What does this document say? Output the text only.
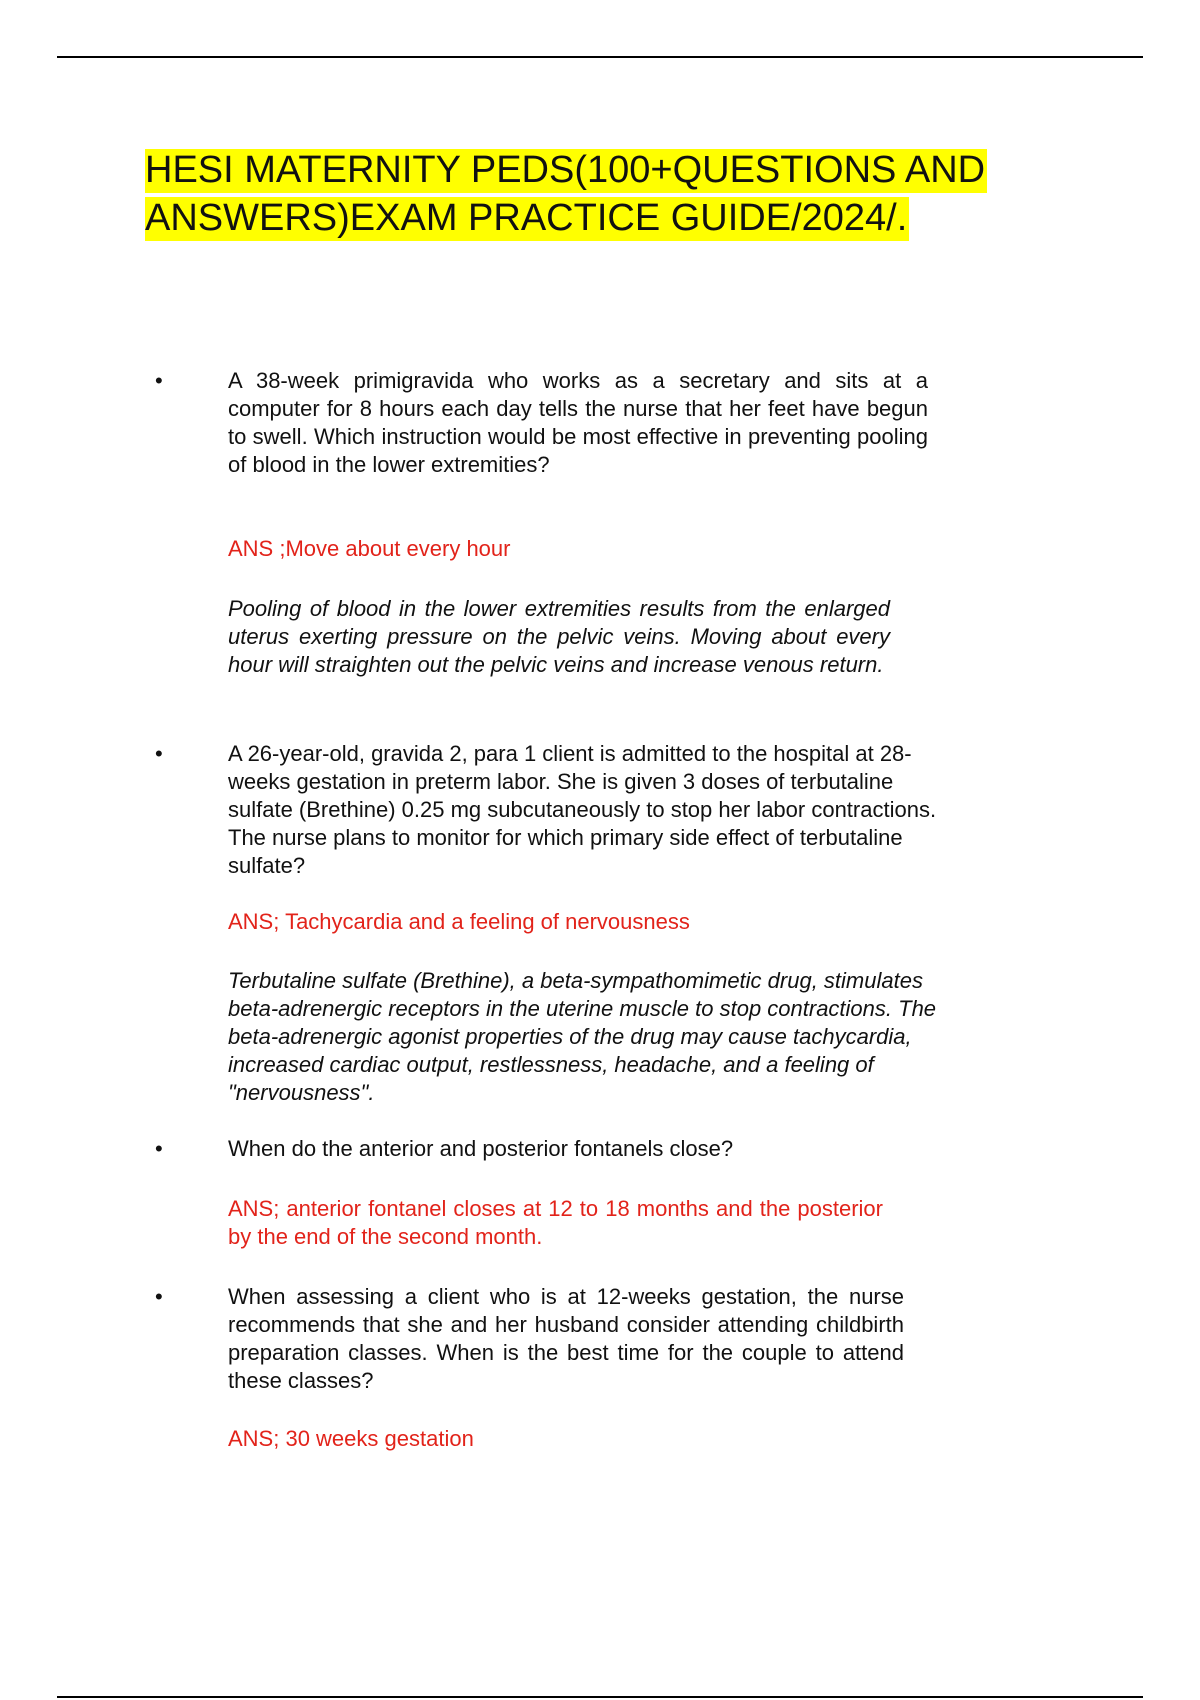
HESI MATERNITY PEDS(100+QUESTIONS AND ANSWERS)EXAM PRACTICE GUIDE/2024/.
•	A 38-week primigravida who works as a secretary and sits at a computer for 8 hours each day tells the nurse that her feet have begun to swell. Which instruction would be most effective in preventing pooling of blood in the lower extremities?
ANS ;Move about every hour
Pooling of blood in the lower extremities results from the enlarged uterus exerting pressure on the pelvic veins. Moving about every hour will straighten out the pelvic veins and increase venous return.
•	A 26-year-old, gravida 2, para 1 client is admitted to the hospital at 28-weeks gestation in preterm labor. She is given 3 doses of terbutaline sulfate (Brethine) 0.25 mg subcutaneously to stop her labor contractions. The nurse plans to monitor for which primary side effect of terbutaline sulfate?
ANS; Tachycardia and a feeling of nervousness
Terbutaline sulfate (Brethine), a beta-sympathomimetic drug, stimulates beta-adrenergic receptors in the uterine muscle to stop contractions. The beta-adrenergic agonist properties of the drug may cause tachycardia, increased cardiac output, restlessness, headache, and a feeling of "nervousness".
•	When do the anterior and posterior fontanels close?
ANS; anterior fontanel closes at 12 to 18 months and the posterior by the end of the second month.
•	When assessing a client who is at 12-weeks gestation, the nurse recommends that she and her husband consider attending childbirth preparation classes. When is the best time for the couple to attend these classes?
ANS; 30 weeks gestation
